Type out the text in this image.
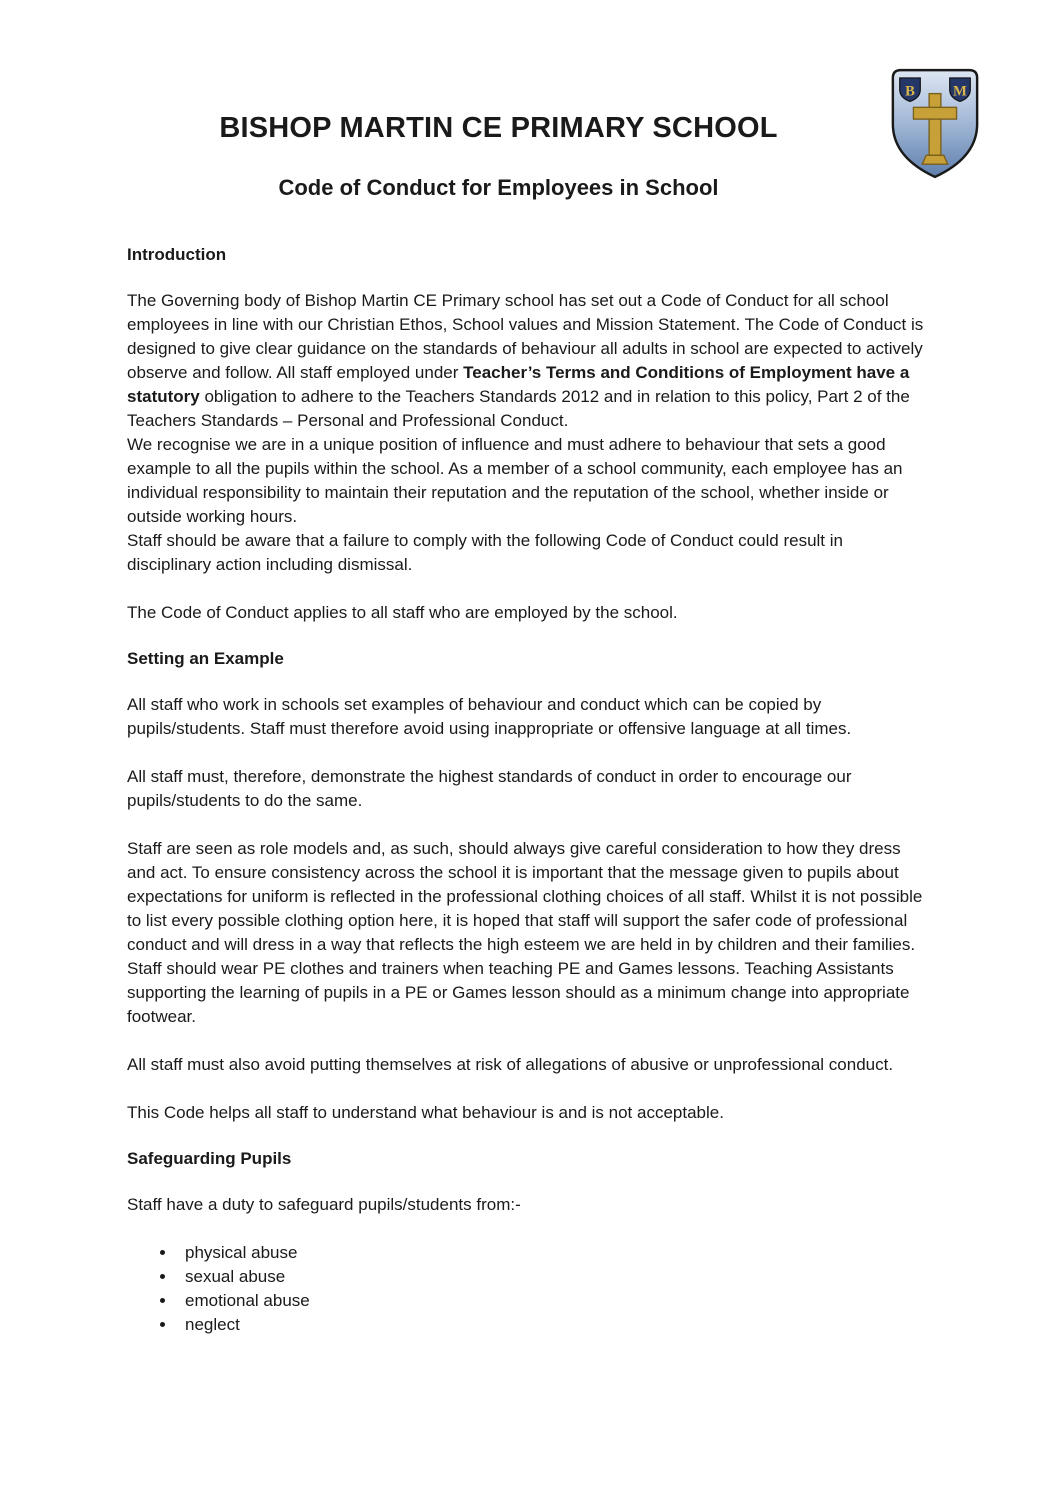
B	M
BISHOP MARTIN CE PRIMARY SCHOOL
Code of Conduct for Employees in School
Introduction

The Governing body of Bishop Martin CE Primary school has set out a Code of Conduct for all school employees in line with our Christian Ethos, School values and Mission Statement. The Code of Conduct is designed to give clear guidance on the standards of behaviour all adults in school are expected to actively observe and follow. All staff employed under Teacher’s Terms and Conditions of Employment have a statutory obligation to adhere to the Teachers Standards 2012 and in relation to this policy, Part 2 of the Teachers Standards – Personal and Professional Conduct.

We recognise we are in a unique position of influence and must adhere to behaviour that sets a good example to all the pupils within the school. As a member of a school community, each employee has an individual responsibility to maintain their reputation and the reputation of the school, whether inside or outside working hours.

Staff should be aware that a failure to comply with the following Code of Conduct could result in disciplinary action including dismissal.

The Code of Conduct applies to all staff who are employed by the school.

Setting an Example

All staff who work in schools set examples of behaviour and conduct which can be copied by pupils/students. Staff must therefore avoid using inappropriate or offensive language at all times.

All staff must, therefore, demonstrate the highest standards of conduct in order to encourage our pupils/students to do the same.

Staff are seen as role models and, as such, should always give careful consideration to how they dress and act. To ensure consistency across the school it is important that the message given to pupils about expectations for uniform is reflected in the professional clothing choices of all staff. Whilst it is not possible to list every possible clothing option here, it is hoped that staff will support the safer code of professional conduct and will dress in a way that reflects the high esteem we are held in by children and their families. Staff should wear PE clothes and trainers when teaching PE and Games lessons. Teaching Assistants supporting the learning of pupils in a PE or Games lesson should as a minimum change into appropriate footwear.

All staff must also avoid putting themselves at risk of allegations of abusive or unprofessional conduct.

This Code helps all staff to understand what behaviour is and is not acceptable.

Safeguarding Pupils

Staff have a duty to safeguard pupils/students from:-

• physical abuse
• sexual abuse
• emotional abuse
• neglect
